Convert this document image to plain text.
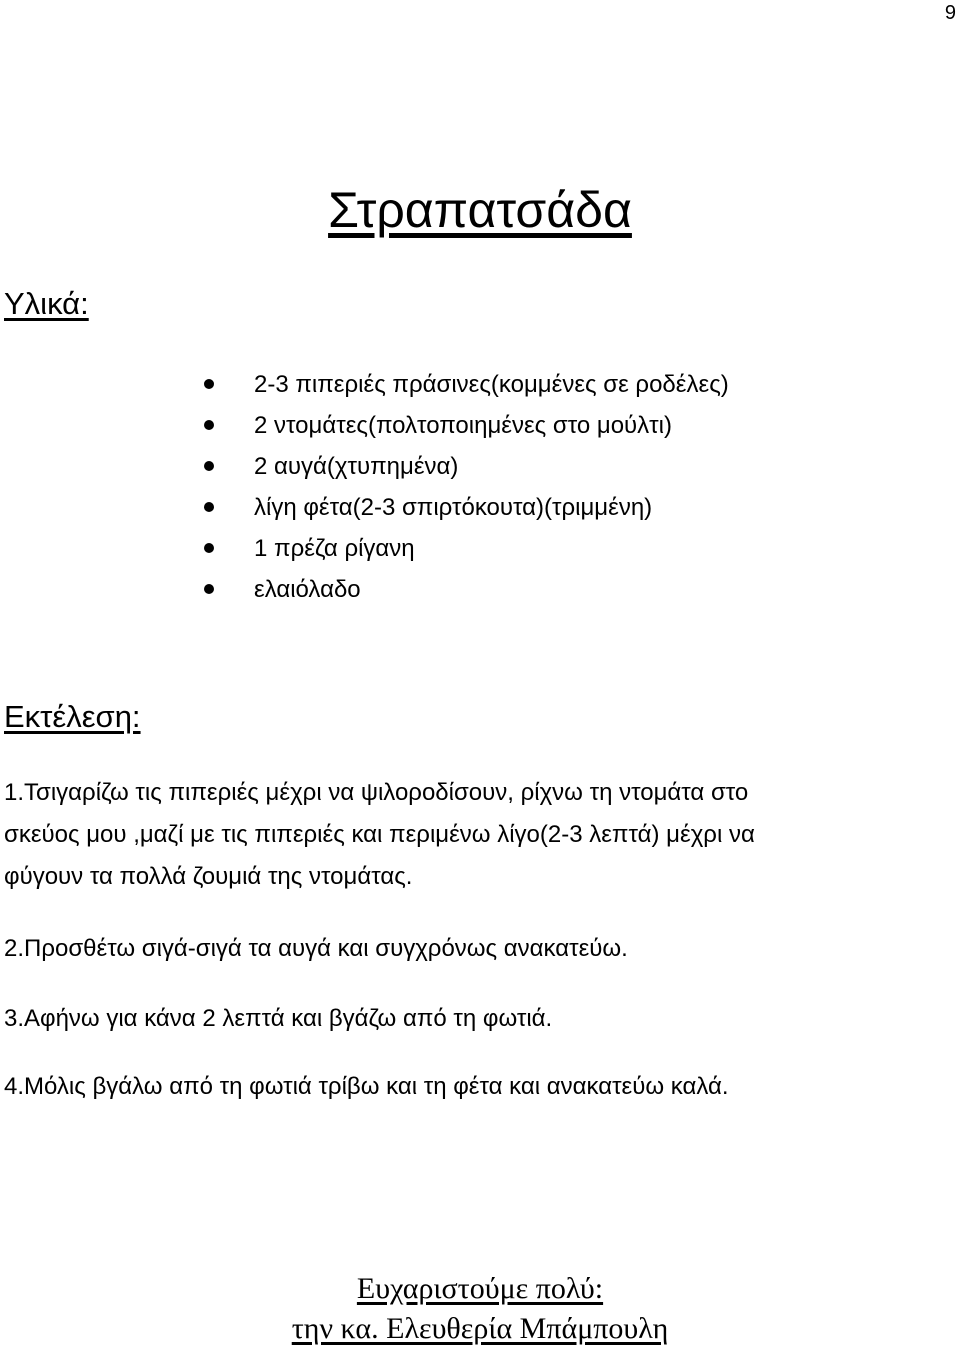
9
Στραπατσάδα
Υλικά:
2-3 πιπεριές πράσινες(κομμένες σε ροδέλες)
2 ντομάτες(πολτοποιημένες στο μούλτι)
2 αυγά(χτυπημένα)
λίγη φέτα(2-3 σπιρτόκουτα)(τριμμένη)
1 πρέζα ρίγανη
ελαιόλαδο
Εκτέλεση:
1.Τσιγαρίζω τις πιπεριές μέχρι να ψιλοροδίσουν, ρίχνω τη ντομάτα στο
σκεύος μου ,μαζί με τις πιπεριές και περιμένω λίγο(2-3 λεπτά) μέχρι να
φύγουν τα πολλά ζουμιά της ντομάτας.
2.Προσθέτω σιγά-σιγά τα αυγά και συγχρόνως ανακατεύω.
3.Αφήνω για κάνα 2 λεπτά και βγάζω από τη φωτιά.
4.Μόλις βγάλω από τη φωτιά τρίβω και τη φέτα και ανακατεύω καλά.
Ευχαριστούμε πολύ:
την κα. Ελευθερία Μπάμπουλη
